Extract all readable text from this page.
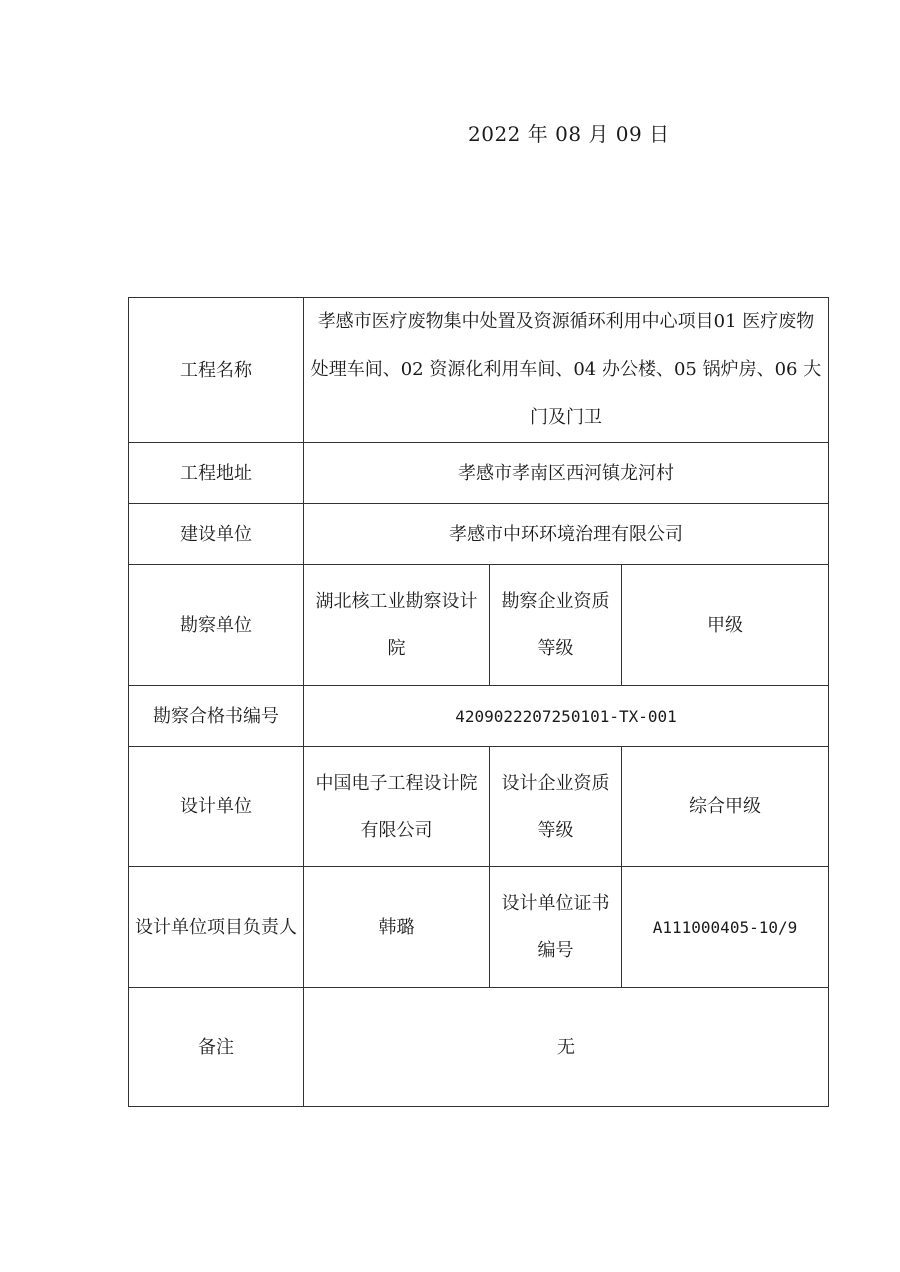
2022 年 08 月 09 日
工程名称	孝感市医疗废物集中处置及资源循环利用中心项目01 医疗废物处理车间、02 资源化利用车间、04 办公楼、05 锅炉房、06 大门及门卫		
工程地址	孝感市孝南区西河镇龙河村		
建设单位	孝感市中环环境治理有限公司		
勘察单位	湖北核工业勘察设计院	勘察企业资质等级	甲级
勘察合格书编号	4209022207250101-TX-001		
设计单位	中国电子工程设计院有限公司	设计企业资质等级	综合甲级
设计单位项目负责人	韩璐	设计单位证书编号	A111000405-10/9
备注	无		
